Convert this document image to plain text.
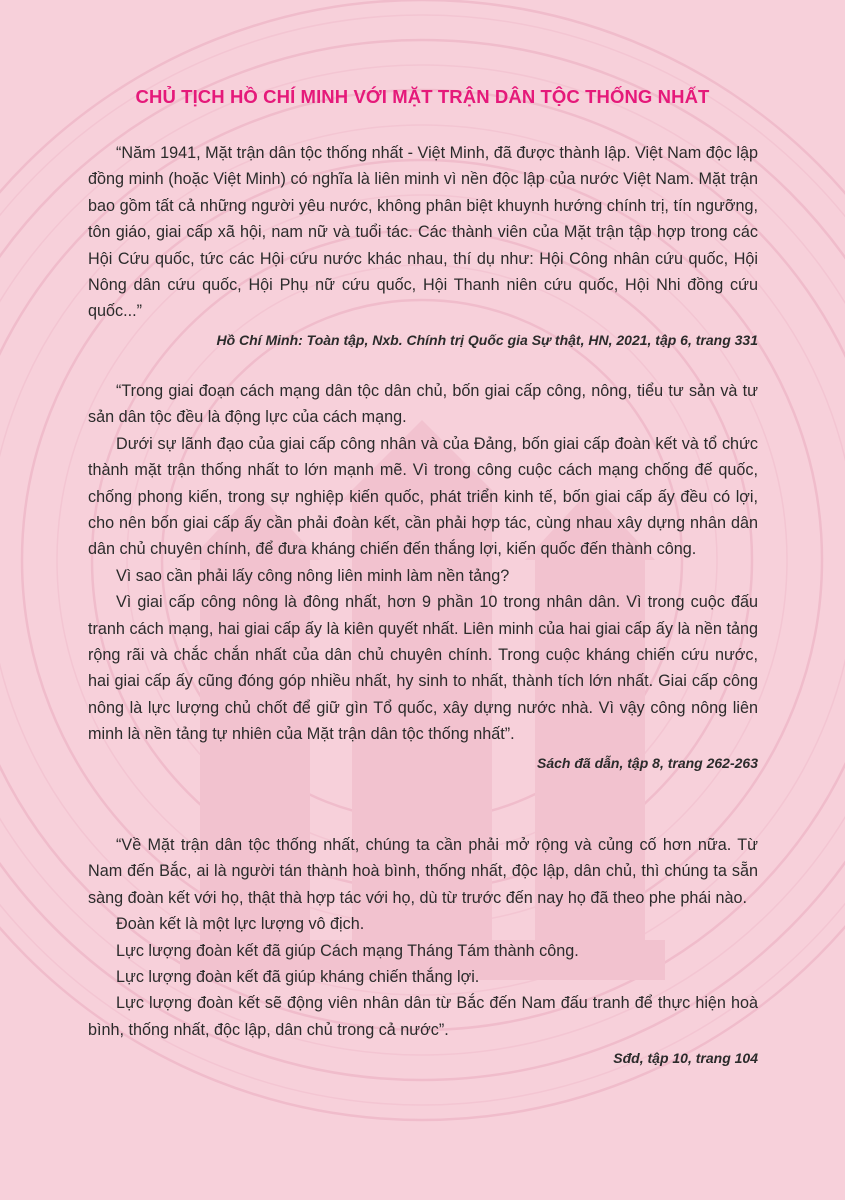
CHỦ TỊCH HỒ CHÍ MINH VỚI MẶT TRẬN DÂN TỘC THỐNG NHẤT

“Năm 1941, Mặt trận dân tộc thống nhất - Việt Minh, đã được thành lập. Việt Nam độc lập đồng minh (hoặc Việt Minh) có nghĩa là liên minh vì nền độc lập của nước Việt Nam. Mặt trận bao gồm tất cả những người yêu nước, không phân biệt khuynh hướng chính trị, tín ngưỡng, tôn giáo, giai cấp xã hội, nam nữ và tuổi tác. Các thành viên của Mặt trận tập hợp trong các Hội Cứu quốc, tức các Hội cứu nước khác nhau, thí dụ như: Hội Công nhân cứu quốc, Hội Nông dân cứu quốc, Hội Phụ nữ cứu quốc, Hội Thanh niên cứu quốc, Hội Nhi đồng cứu quốc...”

Hồ Chí Minh: Toàn tập, Nxb. Chính trị Quốc gia Sự thật, HN, 2021, tập 6, trang 331

“Trong giai đoạn cách mạng dân tộc dân chủ, bốn giai cấp công, nông, tiểu tư sản và tư sản dân tộc đều là động lực của cách mạng.

Dưới sự lãnh đạo của giai cấp công nhân và của Đảng, bốn giai cấp đoàn kết và tổ chức thành mặt trận thống nhất to lớn mạnh mẽ. Vì trong công cuộc cách mạng chống đế quốc, chống phong kiến, trong sự nghiệp kiến quốc, phát triển kinh tế, bốn giai cấp ấy đều có lợi, cho nên bốn giai cấp ấy cần phải đoàn kết, cần phải hợp tác, cùng nhau xây dựng nhân dân dân chủ chuyên chính, để đưa kháng chiến đến thắng lợi, kiến quốc đến thành công.

Vì sao cần phải lấy công nông liên minh làm nền tảng?

Vì giai cấp công nông là đông nhất, hơn 9 phần 10 trong nhân dân. Vì trong cuộc đấu tranh cách mạng, hai giai cấp ấy là kiên quyết nhất. Liên minh của hai giai cấp ấy là nền tảng rộng rãi và chắc chắn nhất của dân chủ chuyên chính. Trong cuộc kháng chiến cứu nước, hai giai cấp ấy cũng đóng góp nhiều nhất, hy sinh to nhất, thành tích lớn nhất. Giai cấp công nông là lực lượng chủ chốt để giữ gìn Tổ quốc, xây dựng nước nhà. Vì vậy công nông liên minh là nền tảng tự nhiên của Mặt trận dân tộc thống nhất”.

Sách đã dẫn, tập 8, trang 262-263

“Về Mặt trận dân tộc thống nhất, chúng ta cần phải mở rộng và củng cố hơn nữa. Từ Nam đến Bắc, ai là người tán thành hoà bình, thống nhất, độc lập, dân chủ, thì chúng ta sẵn sàng đoàn kết với họ, thật thà hợp tác với họ, dù từ trước đến nay họ đã theo phe phái nào.

Đoàn kết là một lực lượng vô địch.

Lực lượng đoàn kết đã giúp Cách mạng Tháng Tám thành công.

Lực lượng đoàn kết đã giúp kháng chiến thắng lợi.

Lực lượng đoàn kết sẽ động viên nhân dân từ Bắc đến Nam đấu tranh để thực hiện hoà bình, thống nhất, độc lập, dân chủ trong cả nước”.

Sđd, tập 10, trang 104
